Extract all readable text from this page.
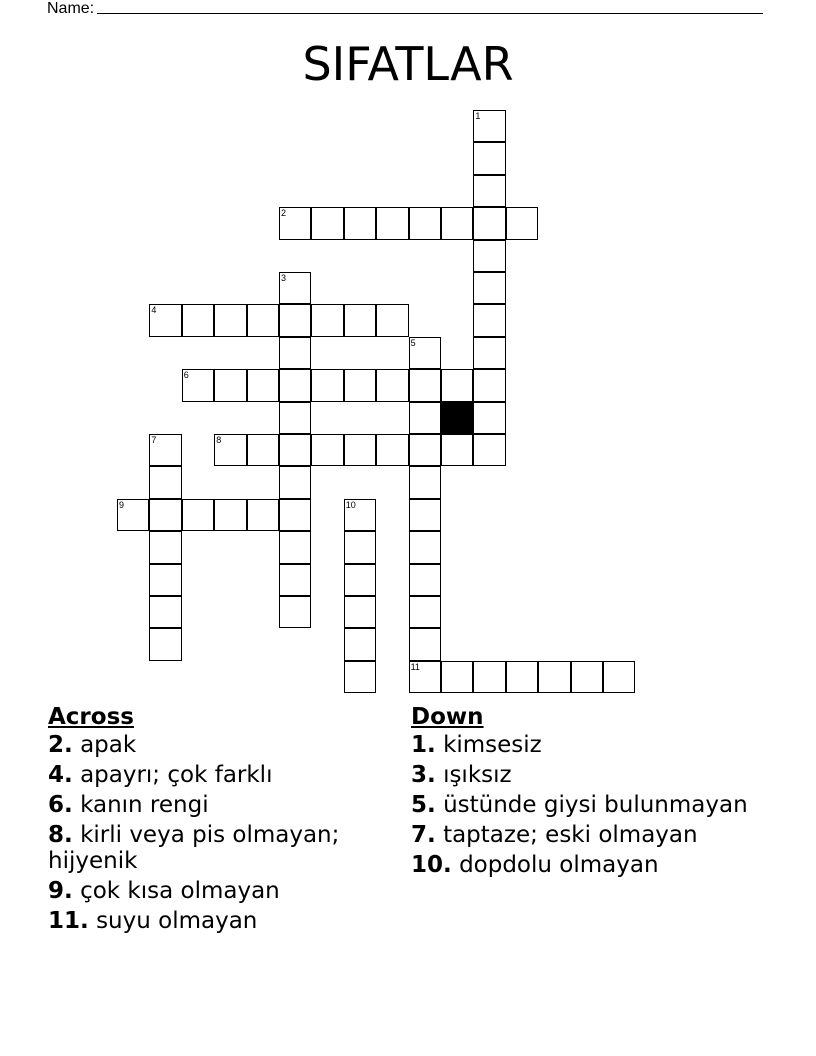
Name:
SIFATLAR
1
2
3
4
5
11
6
7	8
9	10
Across
2. apak
4. apayrı; çok farklı
6. kanın rengi
8. kirli veya pis olmayan; hijyenik
9. çok kısa olmayan
11. suyu olmayan
Down
1. kimsesiz
3. ışıksız
5. üstünde giysi bulunmayan
7. taptaze; eski olmayan
10. dopdolu olmayan
